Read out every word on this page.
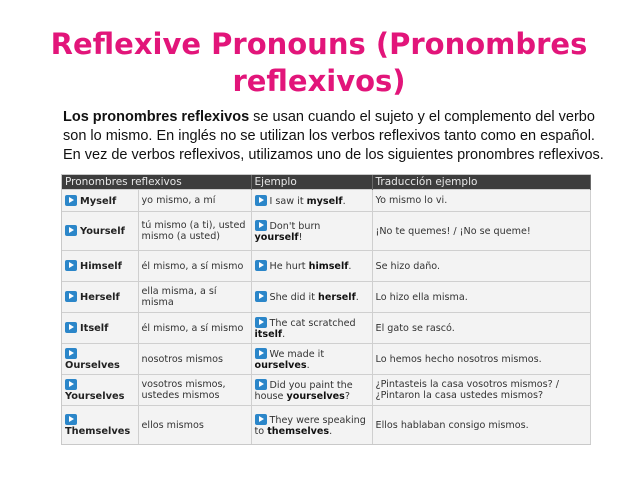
Reflexive Pronouns (Pronombres
reflexivos)
Los pronombres reflexivos se usan cuando el sujeto y el complemento del verbo
son lo mismo. En inglés no se utilizan los verbos reflexivos tanto como en español.
En vez de verbos reflexivos, utilizamos uno de los siguientes pronombres reflexivos.
Pronombres reflexivos		Ejemplo	Traducción ejemplo
Myself	yo mismo, a mí	I saw it myself.	Yo mismo lo vi.
Yourself	tú mismo (a ti), usted mismo (a usted)	Don't burn yourself!	¡No te quemes! / ¡No se queme!
Himself	él mismo, a sí mismo	He hurt himself.	Se hizo daño.
Herself	ella misma, a sí misma	She did it herself.	Lo hizo ella misma.
Itself	él mismo, a sí mismo	The cat scratched itself.	El gato se rascó.

Ourselves	nosotros mismos	We made it ourselves.	Lo hemos hecho nosotros mismos.

Yourselves	vosotros mismos, ustedes mismos	Did you paint the house yourselves?	¿Pintasteis la casa vosotros mismos? / ¿Pintaron la casa ustedes mismos?

Themselves	ellos mismos	They were speaking to themselves.	Ellos hablaban consigo mismos.
